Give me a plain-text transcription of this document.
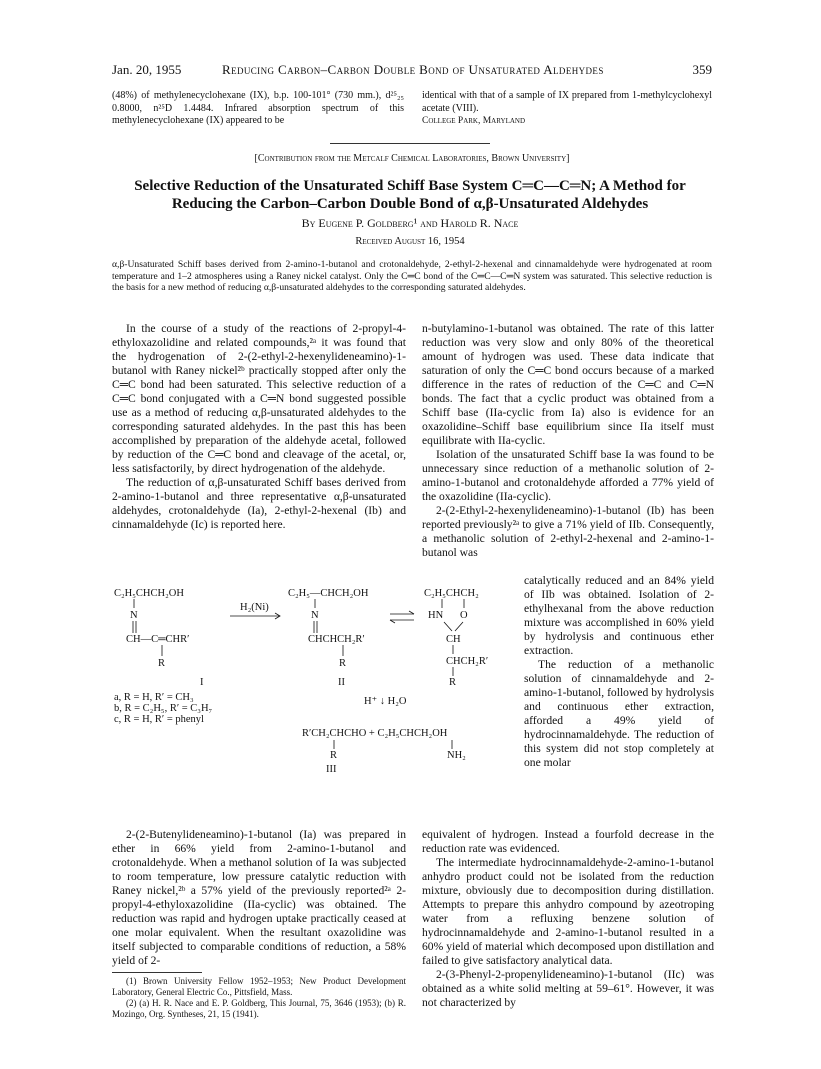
Jan. 20, 1955	Reducing Carbon–Carbon Double Bond of Unsaturated Aldehydes	359

(48%) of methylenecyclohexane (IX), b.p. 100-101° (730 mm.), d²⁵₂₅ 0.8000, n²⁵D 1.4484. Infrared absorption spectrum of this methylenecyclohexane (IX) appeared to be

identical with that of a sample of IX prepared from 1-methylcyclohexyl acetate (VIII).

College Park, Maryland

[Contribution from the Metcalf Chemical Laboratories, Brown University]
Selective Reduction of the Unsaturated Schiff Base System C═C—C═N; A Method for Reducing the Carbon–Carbon Double Bond of α,β-Unsaturated Aldehydes
By Eugene P. Goldberg¹ and Harold R. Nace
Received August 16, 1954
α,β-Unsaturated Schiff bases derived from 2-amino-1-butanol and crotonaldehyde, 2-ethyl-2-hexenal and cinnamaldehyde were hydrogenated at room temperature and 1–2 atmospheres using a Raney nickel catalyst. Only the C═C bond of the C═C—C═N system was saturated. This selective reduction is the basis for a new method of reducing α,β-unsaturated aldehydes to the corresponding saturated aldehydes.

In the course of a study of the reactions of 2-propyl-4-ethyloxazolidine and related compounds,²ᵃ it was found that the hydrogenation of 2-(2-ethyl-2-hexenylideneamino)-1-butanol with Raney nickel²ᵇ practically stopped after only the C═C bond had been saturated. This selective reduction of a C═C bond conjugated with a C═N bond suggested possible use as a method of reducing α,β-unsaturated aldehydes to the corresponding saturated aldehydes. In the past this has been accomplished by preparation of the aldehyde acetal, followed by reduction of the C═C bond and cleavage of the acetal, or, less satisfactorily, by direct hydrogenation of the aldehyde.

The reduction of α,β-unsaturated Schiff bases derived from 2-amino-1-butanol and three representative α,β-unsaturated aldehydes, crotonaldehyde (Ia), 2-ethyl-2-hexenal (Ib) and cinnamaldehyde (Ic) is reported here.

n-butylamino-1-butanol was obtained. The rate of this latter reduction was very slow and only 80% of the theoretical amount of hydrogen was used. These data indicate that saturation of only the C═C bond occurs because of a marked difference in the rates of reduction of the C═C and C═N bonds. The fact that a cyclic product was obtained from a Schiff base (IIa-cyclic from Ia) also is evidence for an oxazolidine–Schiff base equilibrium since IIa itself must equilibrate with IIa-cyclic.

Isolation of the unsaturated Schiff base Ia was found to be unnecessary since reduction of a methanolic solution of 2-amino-1-butanol and crotonaldehyde afforded a 77% yield of the oxazolidine (IIa-cyclic).

2-(2-Ethyl-2-hexenylideneamino)-1-butanol (Ib) has been reported previously²ᵃ to give a 71% yield of IIb. Consequently, a methanolic solution of 2-ethyl-2-hexenal and 2-amino-1-butanol was

catalytically reduced and an 84% yield of IIb was obtained. Isolation of 2-ethylhexanal from the above reduction mixture was accomplished in 60% yield by hydrolysis and continuous ether extraction.

The reduction of a methanolic solution of cinnamaldehyde and 2-amino-1-butanol, followed by hydrolysis and continuous ether extraction, afforded a 49% yield of hydrocinnamaldehyde. The reduction of this system did not stop completely at one molar

C₂H₅CHCH₂OH
N
CH—C═CHR′
R
I
H₂(Ni)
C₂H₅—CHCH₂OH
N
CHCHCH₂R′
R
II
C₂H₅CHCH₂
HN O
CH
CHCH₂R′
R
a, R = H, R′ = CH₃
b, R = C₂H₅, R′ = C₃H₇
c, R = H, R′ = phenyl
H⁺ ↓ H₂O
R′CH₂CHCHO + C₂H₅CHCH₂OH
R	NH₂
III

2-(2-Butenylideneamino)-1-butanol (Ia) was prepared in ether in 66% yield from 2-amino-1-butanol and crotonaldehyde. When a methanol solution of Ia was subjected to room temperature, low pressure catalytic reduction with Raney nickel,²ᵇ a 57% yield of the previously reported²ᵃ 2-propyl-4-ethyloxazolidine (IIa-cyclic) was obtained. The reduction was rapid and hydrogen uptake practically ceased at one molar equivalent. When the resultant oxazolidine was itself subjected to comparable conditions of reduction, a 58% yield of 2-

(1) Brown University Fellow 1952–1953; New Product Development Laboratory, General Electric Co., Pittsfield, Mass.

(2) (a) H. R. Nace and E. P. Goldberg, This Journal, 75, 3646 (1953); (b) R. Mozingo, Org. Syntheses, 21, 15 (1941).

equivalent of hydrogen. Instead a fourfold decrease in the reduction rate was evidenced.

The intermediate hydrocinnamaldehyde-2-amino-1-butanol anhydro product could not be isolated from the reduction mixture, obviously due to decomposition during distillation. Attempts to prepare this anhydro compound by azeotroping water from a refluxing benzene solution of hydrocinnamaldehyde and 2-amino-1-butanol resulted in a 60% yield of material which decomposed upon distillation and failed to give satisfactory analytical data.

2-(3-Phenyl-2-propenylideneamino)-1-butanol (IIc) was obtained as a white solid melting at 59–61°. However, it was not characterized by
